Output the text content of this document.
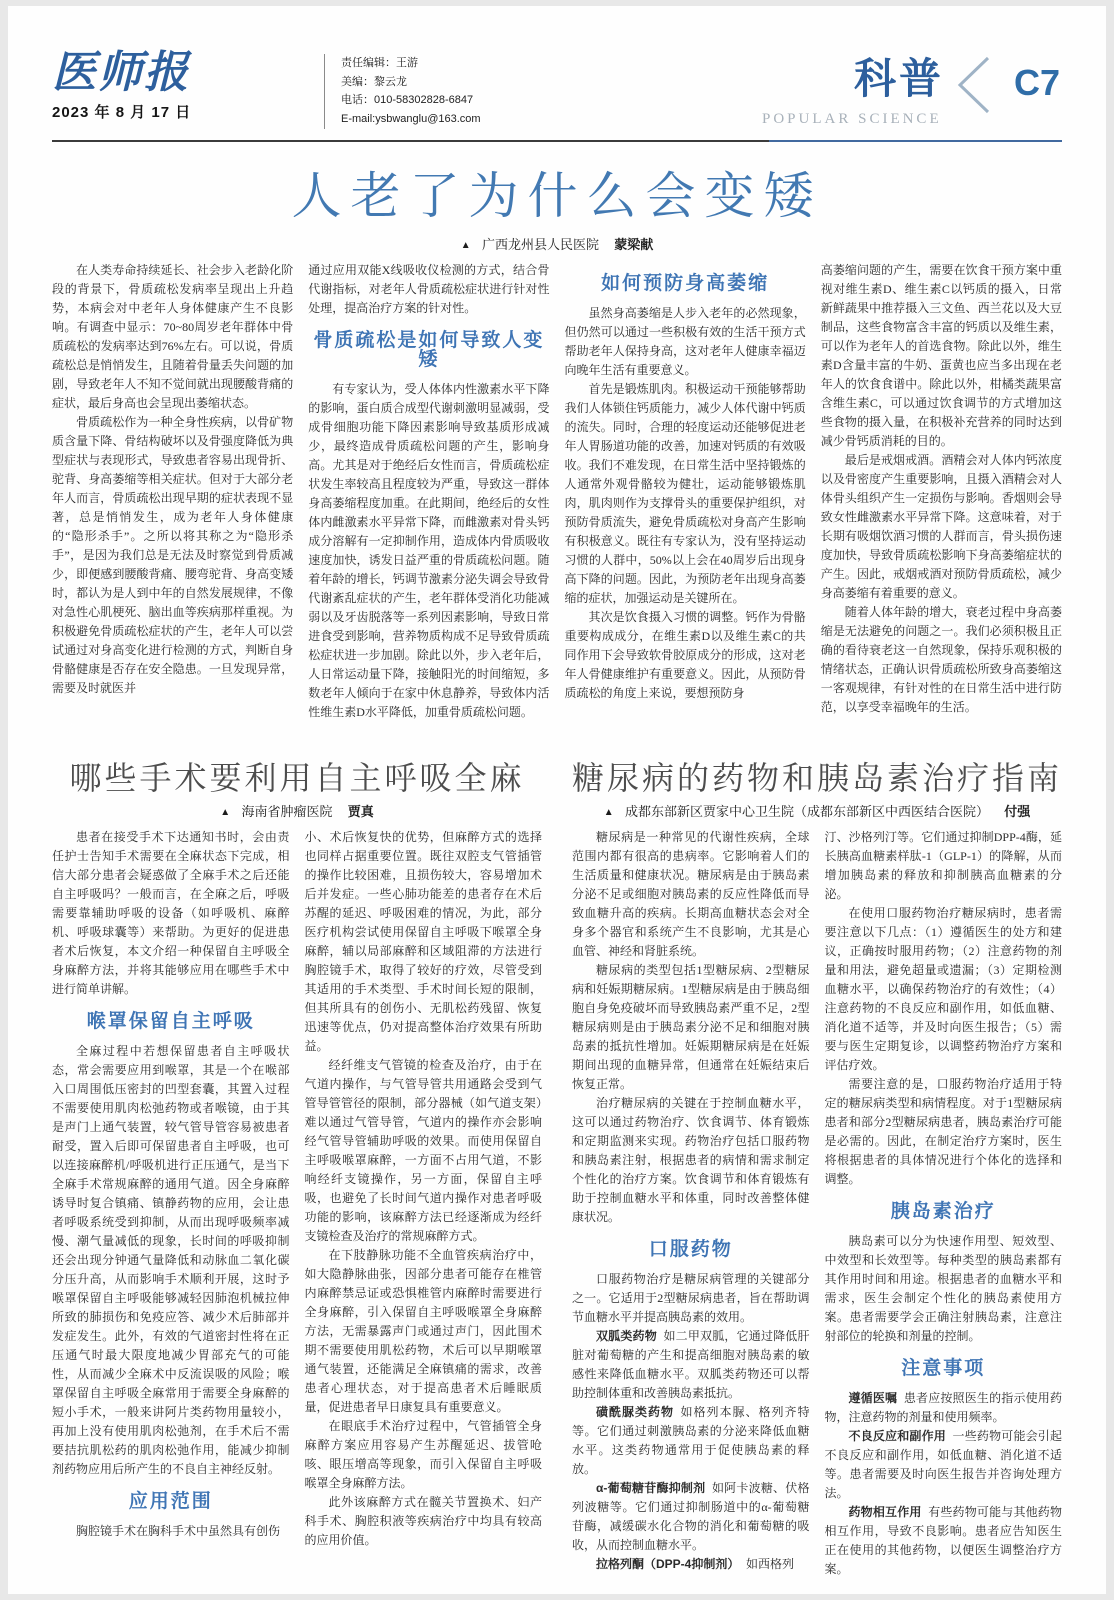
医师报
2023 年 8 月 17 日
责任编辑：王游
美编：黎云龙
电话：010-58302828-6847
E-mail:ysbwanglu@163.com	POPULAR SCIENCE
科普 C7
人老了为什么会变矮
▲ 广西龙州县人民医院 蒙梁献

在人类寿命持续延长、社会步入老龄化阶段的背景下，骨质疏松发病率呈现出上升趋势，本病会对中老年人身体健康产生不良影响。有调查中显示：70~80周岁老年群体中骨质疏松的发病率达到76%左右。可以说，骨质疏松总是悄悄发生，且随着骨量丢失问题的加剧，导致老年人不知不觉间就出现腰酸背痛的症状，最后身高也会呈现出萎缩状态。

骨质疏松作为一种全身性疾病，以骨矿物质含量下降、骨结构破坏以及骨强度降低为典型症状与表现形式，导致患者容易出现骨折、驼背、身高萎缩等相关症状。但对于大部分老年人而言，骨质疏松出现早期的症状表现不显著，总是悄悄发生，成为老年人身体健康的“隐形杀手”。之所以将其称之为“隐形杀手”，是因为我们总是无法及时察觉到骨质减少，即便感到腰酸背痛、腰弯驼背、身高变矮时，都认为是人到中年的自然发展规律，不像对急性心肌梗死、脑出血等疾病那样重视。为积极避免骨质疏松症状的产生，老年人可以尝试通过对身高变化进行检测的方式，判断自身骨骼健康是否存在安全隐患。一旦发现异常，需要及时就医并

通过应用双能X线吸收仪检测的方式，结合骨代谢指标，对老年人骨质疏松症状进行针对性处理，提高治疗方案的针对性。

骨质疏松是如何导致人变矮

有专家认为，受人体体内性激素水平下降的影响，蛋白质合成型代谢刺激明显减弱，受成骨细胞功能下降因素影响导致基质形成减少，最终造成骨质疏松问题的产生，影响身高。尤其是对于绝经后女性而言，骨质疏松症状发生率较高且程度较为严重，导致这一群体身高萎缩程度加重。在此期间，绝经后的女性体内雌激素水平异常下降，而雌激素对骨头钙成分溶解有一定抑制作用，造成体内骨质吸收速度加快，诱发日益严重的骨质疏松问题。随着年龄的增长，钙调节激素分泌失调会导致骨代谢紊乱症状的产生，老年群体受消化功能减弱以及牙齿脱落等一系列因素影响，导致日常进食受到影响，营养物质构成不足导致骨质疏松症状进一步加剧。除此以外，步入老年后，人日常运动量下降，接触阳光的时间缩短，多数老年人倾向于在家中休息静养，导致体内活性维生素D水平降低，加重骨质疏松问题。

如何预防身高萎缩

虽然身高萎缩是人步入老年的必然现象，但仍然可以通过一些积极有效的生活干预方式帮助老年人保持身高，这对老年人健康幸福迈向晚年生活有重要意义。

首先是锻炼肌肉。积极运动干预能够帮助我们人体锁住钙质能力，减少人体代谢中钙质的流失。同时，合理的轻度运动还能够促进老年人胃肠道功能的改善，加速对钙质的有效吸收。我们不难发现，在日常生活中坚持锻炼的人通常外观骨骼较为健壮，运动能够锻炼肌肉，肌肉则作为支撑骨头的重要保护组织，对预防骨质流失，避免骨质疏松对身高产生影响有积极意义。既往有专家认为，没有坚持运动习惯的人群中，50%以上会在40周岁后出现身高下降的问题。因此，为预防老年出现身高萎缩的症状，加强运动是关键所在。

其次是饮食摄入习惯的调整。钙作为骨骼重要构成成分，在维生素D以及维生素C的共同作用下会导致软骨胶原成分的形成，这对老年人骨健康维护有重要意义。因此，从预防骨质疏松的角度上来说，要想预防身

高萎缩问题的产生，需要在饮食干预方案中重视对维生素D、维生素C以钙质的摄入，日常新鲜蔬果中推荐摄入三文鱼、西兰花以及大豆制品，这些食物富含丰富的钙质以及维生素，可以作为老年人的首选食物。除此以外，维生素D含量丰富的牛奶、蛋黄也应当多出现在老年人的饮食食谱中。除此以外，柑橘类蔬果富含维生素C，可以通过饮食调节的方式增加这些食物的摄入量，在积极补充营养的同时达到减少骨钙质消耗的目的。

最后是戒烟戒酒。酒精会对人体内钙浓度以及骨密度产生重要影响，且摄入酒精会对人体骨头组织产生一定损伤与影响。香烟则会导致女性雌激素水平异常下降。这意味着，对于长期有吸烟饮酒习惯的人群而言，骨头损伤速度加快，导致骨质疏松影响下身高萎缩症状的产生。因此，戒烟戒酒对预防骨质疏松，减少身高萎缩有着重要的意义。

随着人体年龄的增大，衰老过程中身高萎缩是无法避免的问题之一。我们必须积极且正确的看待衰老这一自然现象，保持乐观积极的情绪状态，正确认识骨质疏松所致身高萎缩这一客观规律，有针对性的在日常生活中进行防范，以享受幸福晚年的生活。

哪些手术要利用自主呼吸全麻
▲ 海南省肿瘤医院 贾真

患者在接受手术下达通知书时，会由责任护士告知手术需要在全麻状态下完成，相信大部分患者会疑惑做了全麻手术之后还能自主呼吸吗？一般而言，在全麻之后，呼吸需要靠辅助呼吸的设备（如呼吸机、麻醉机、呼吸球囊等）来帮助。为更好的促进患者术后恢复，本文介绍一种保留自主呼吸全身麻醉方法，并将其能够应用在哪些手术中进行简单讲解。

喉罩保留自主呼吸

全麻过程中若想保留患者自主呼吸状态，常会需要应用到喉罩，其是一个在喉部入口周围低压密封的凹型套囊，其置入过程不需要使用肌肉松弛药物或者喉镜，由于其是声门上通气装置，较气管导管容易被患者耐受，置入后即可保留患者自主呼吸，也可以连接麻醉机/呼吸机进行正压通气，是当下全麻手术常规麻醉的通用气道。因全身麻醉诱导时复合镇痛、镇静药物的应用，会让患者呼吸系统受到抑制，从而出现呼吸频率减慢、潮气量减低的现象，长时间的呼吸抑制还会出现分钟通气量降低和动脉血二氧化碳分压升高，从而影响手术顺利开展，这时予喉罩保留自主呼吸能够减轻因肺泡机械拉伸所致的肺损伤和免疫应答、减少术后肺部并发症发生。此外，有效的气道密封性将在正压通气时最大限度地减少胃部充气的可能性，从而减少全麻术中反流误吸的风险；喉罩保留自主呼吸全麻常用于需要全身麻醉的短小手术，一般来讲阿片类药物用量较小，再加上没有使用肌肉松弛剂，在手术后不需要拮抗肌松药的肌肉松弛作用，能减少抑制剂药物应用后所产生的不良自主神经反射。

应用范围

胸腔镜手术在胸科手术中虽然具有创伤

小、术后恢复快的优势，但麻醉方式的选择也同样占据重要位置。既往双腔支气管插管的操作比较困难，且损伤较大，容易增加术后并发症。一些心肺功能差的患者存在术后苏醒的延迟、呼吸困难的情况，为此，部分医疗机构尝试使用保留自主呼吸下喉罩全身麻醉，辅以局部麻醉和区域阻滞的方法进行胸腔镜手术，取得了较好的疗效，尽管受到其适用的手术类型、手术时间长短的限制，但其所具有的创伤小、无肌松药残留、恢复迅速等优点，仍对提高整体治疗效果有所助益。

经纤维支气管镜的检查及治疗，由于在气道内操作，与气管导管共用通路会受到气管导管管径的限制，部分器械（如气道支架）难以通过气管导管，气道内的操作亦会影响经气管导管辅助呼吸的效果。而使用保留自主呼吸喉罩麻醉，一方面不占用气道，不影响经纤支镜操作，另一方面，保留自主呼吸，也避免了长时间气道内操作对患者呼吸功能的影响，该麻醉方法已经逐渐成为经纤支镜检查及治疗的常规麻醉方式。

在下肢静脉功能不全血管疾病治疗中，如大隐静脉曲张，因部分患者可能存在椎管内麻醉禁忌证或恐惧椎管内麻醉时需要进行全身麻醉，引入保留自主呼吸喉罩全身麻醉方法，无需暴露声门或通过声门，因此围术期不需要使用肌松药物，术后可以早期喉罩通气装置，还能满足全麻镇痛的需求，改善患者心理状态，对于提高患者术后睡眠质量，促进患者早日康复具有重要意义。

在眼底手术治疗过程中，气管插管全身麻醉方案应用容易产生苏醒延迟、拔管呛咳、眼压增高等现象，而引入保留自主呼吸喉罩全身麻醉方法。

此外该麻醉方式在髋关节置换术、妇产科手术、胸腔积液等疾病治疗中均具有较高的应用价值。

糖尿病的药物和胰岛素治疗指南
▲ 成都东部新区贾家中心卫生院（成都东部新区中西医结合医院） 付强

糖尿病是一种常见的代谢性疾病，全球范围内都有很高的患病率。它影响着人们的生活质量和健康状况。糖尿病是由于胰岛素分泌不足或细胞对胰岛素的反应性降低而导致血糖升高的疾病。长期高血糖状态会对全身多个器官和系统产生不良影响，尤其是心血管、神经和肾脏系统。

糖尿病的类型包括1型糖尿病、2型糖尿病和妊娠期糖尿病。1型糖尿病是由于胰岛细胞自身免疫破坏而导致胰岛素严重不足，2型糖尿病则是由于胰岛素分泌不足和细胞对胰岛素的抵抗性增加。妊娠期糖尿病是在妊娠期间出现的血糖异常，但通常在妊娠结束后恢复正常。

治疗糖尿病的关键在于控制血糖水平，这可以通过药物治疗、饮食调节、体育锻炼和定期监测来实现。药物治疗包括口服药物和胰岛素注射，根据患者的病情和需求制定个性化的治疗方案。饮食调节和体育锻炼有助于控制血糖水平和体重，同时改善整体健康状况。

口服药物

口服药物治疗是糖尿病管理的关键部分之一。它适用于2型糖尿病患者，旨在帮助调节血糖水平并提高胰岛素的效用。

双胍类药物 如二甲双胍，它通过降低肝脏对葡萄糖的产生和提高细胞对胰岛素的敏感性来降低血糖水平。双胍类药物还可以帮助控制体重和改善胰岛素抵抗。

磺酰脲类药物 如格列本脲、格列齐特等。它们通过刺激胰岛素的分泌来降低血糖水平。这类药物通常用于促使胰岛素的释放。

α-葡萄糖苷酶抑制剂 如阿卡波糖、伏格列波糖等。它们通过抑制肠道中的α-葡萄糖苷酶，减缓碳水化合物的消化和葡萄糖的吸收，从而控制血糖水平。

拉格列酮（DPP-4抑制剂） 如西格列

汀、沙格列汀等。它们通过抑制DPP-4酶，延长胰高血糖素样肽-1（GLP-1）的降解，从而增加胰岛素的释放和抑制胰高血糖素的分泌。

在使用口服药物治疗糖尿病时，患者需要注意以下几点：（1）遵循医生的处方和建议，正确按时服用药物；（2）注意药物的剂量和用法，避免超量或遗漏；（3）定期检测血糖水平，以确保药物治疗的有效性；（4）注意药物的不良反应和副作用，如低血糖、消化道不适等，并及时向医生报告；（5）需要与医生定期复诊，以调整药物治疗方案和评估疗效。

需要注意的是，口服药物治疗适用于特定的糖尿病类型和病情程度。对于1型糖尿病患者和部分2型糖尿病患者，胰岛素治疗可能是必需的。因此，在制定治疗方案时，医生将根据患者的具体情况进行个体化的选择和调整。

胰岛素治疗

胰岛素可以分为快速作用型、短效型、中效型和长效型等。每种类型的胰岛素都有其作用时间和用途。根据患者的血糖水平和需求，医生会制定个性化的胰岛素使用方案。患者需要学会正确注射胰岛素，注意注射部位的轮换和剂量的控制。

注意事项

遵循医嘱 患者应按照医生的指示使用药物，注意药物的剂量和使用频率。

不良反应和副作用 一些药物可能会引起不良反应和副作用，如低血糖、消化道不适等。患者需要及时向医生报告并咨询处理方法。

药物相互作用 有些药物可能与其他药物相互作用，导致不良影响。患者应告知医生正在使用的其他药物，以便医生调整治疗方案。
